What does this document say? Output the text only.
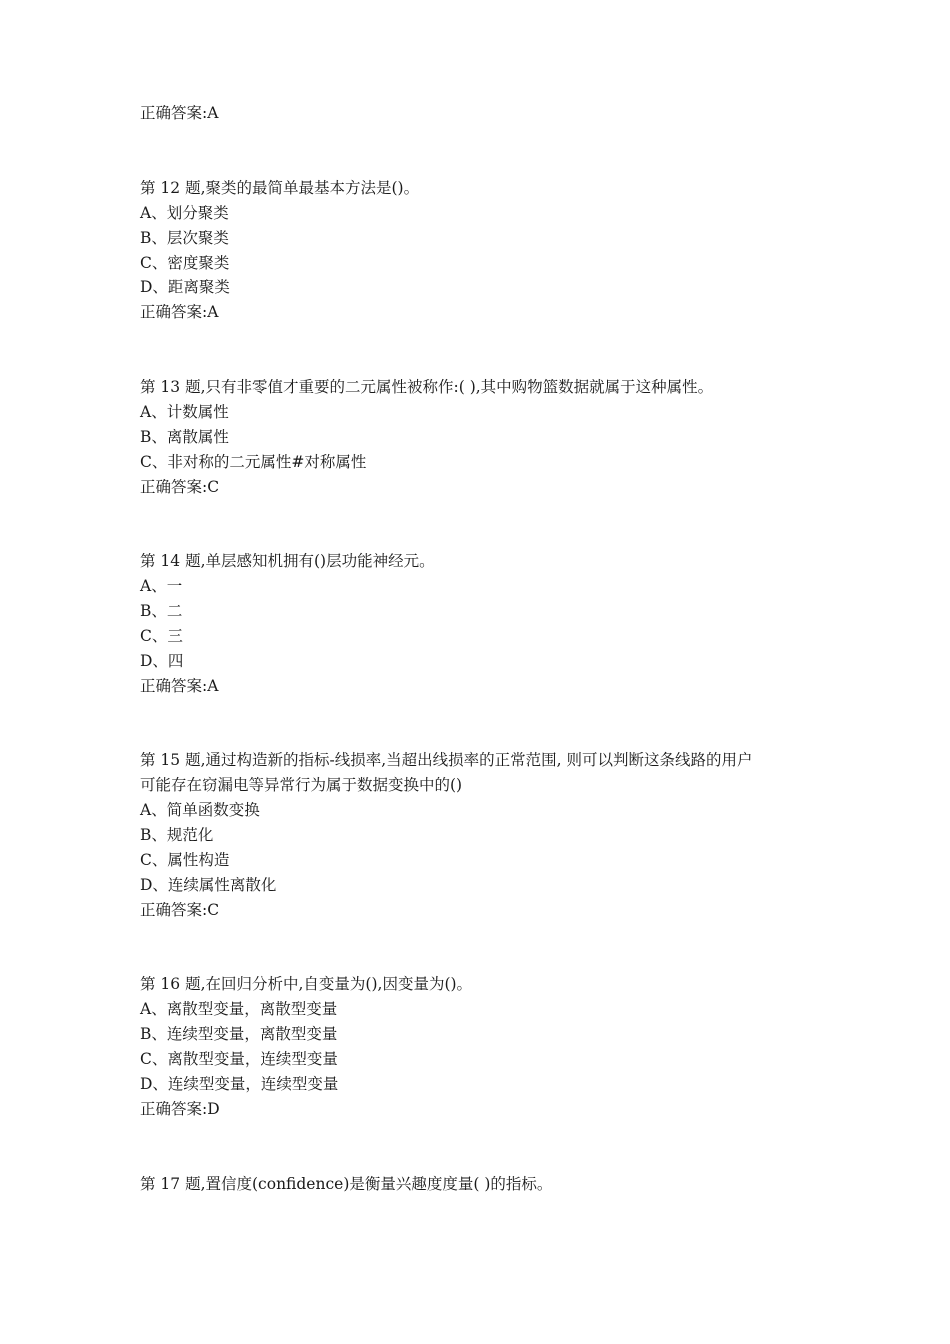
正确答案:A
第 12 题,聚类的最简单最基本方法是()。
A、划分聚类
B、层次聚类
C、密度聚类
D、距离聚类
正确答案:A
第 13 题,只有非零值才重要的二元属性被称作:( ),其中购物篮数据就属于这种属性。
A、计数属性
B、离散属性
C、非对称的二元属性#对称属性
正确答案:C
第 14 题,单层感知机拥有()层功能神经元。
A、一
B、二
C、三
D、四
正确答案:A
第 15 题,通过构造新的指标-线损率,当超出线损率的正常范围, 则可以判断这条线路的用户
可能存在窃漏电等异常行为属于数据变换中的()
A、简单函数变换
B、规范化
C、属性构造
D、连续属性离散化
正确答案:C
第 16 题,在回归分析中,自变量为(),因变量为()。
A、离散型变量，离散型变量
B、连续型变量，离散型变量
C、离散型变量，连续型变量
D、连续型变量，连续型变量
正确答案:D
第 17 题,置信度(confidence)是衡量兴趣度度量( )的指标。
